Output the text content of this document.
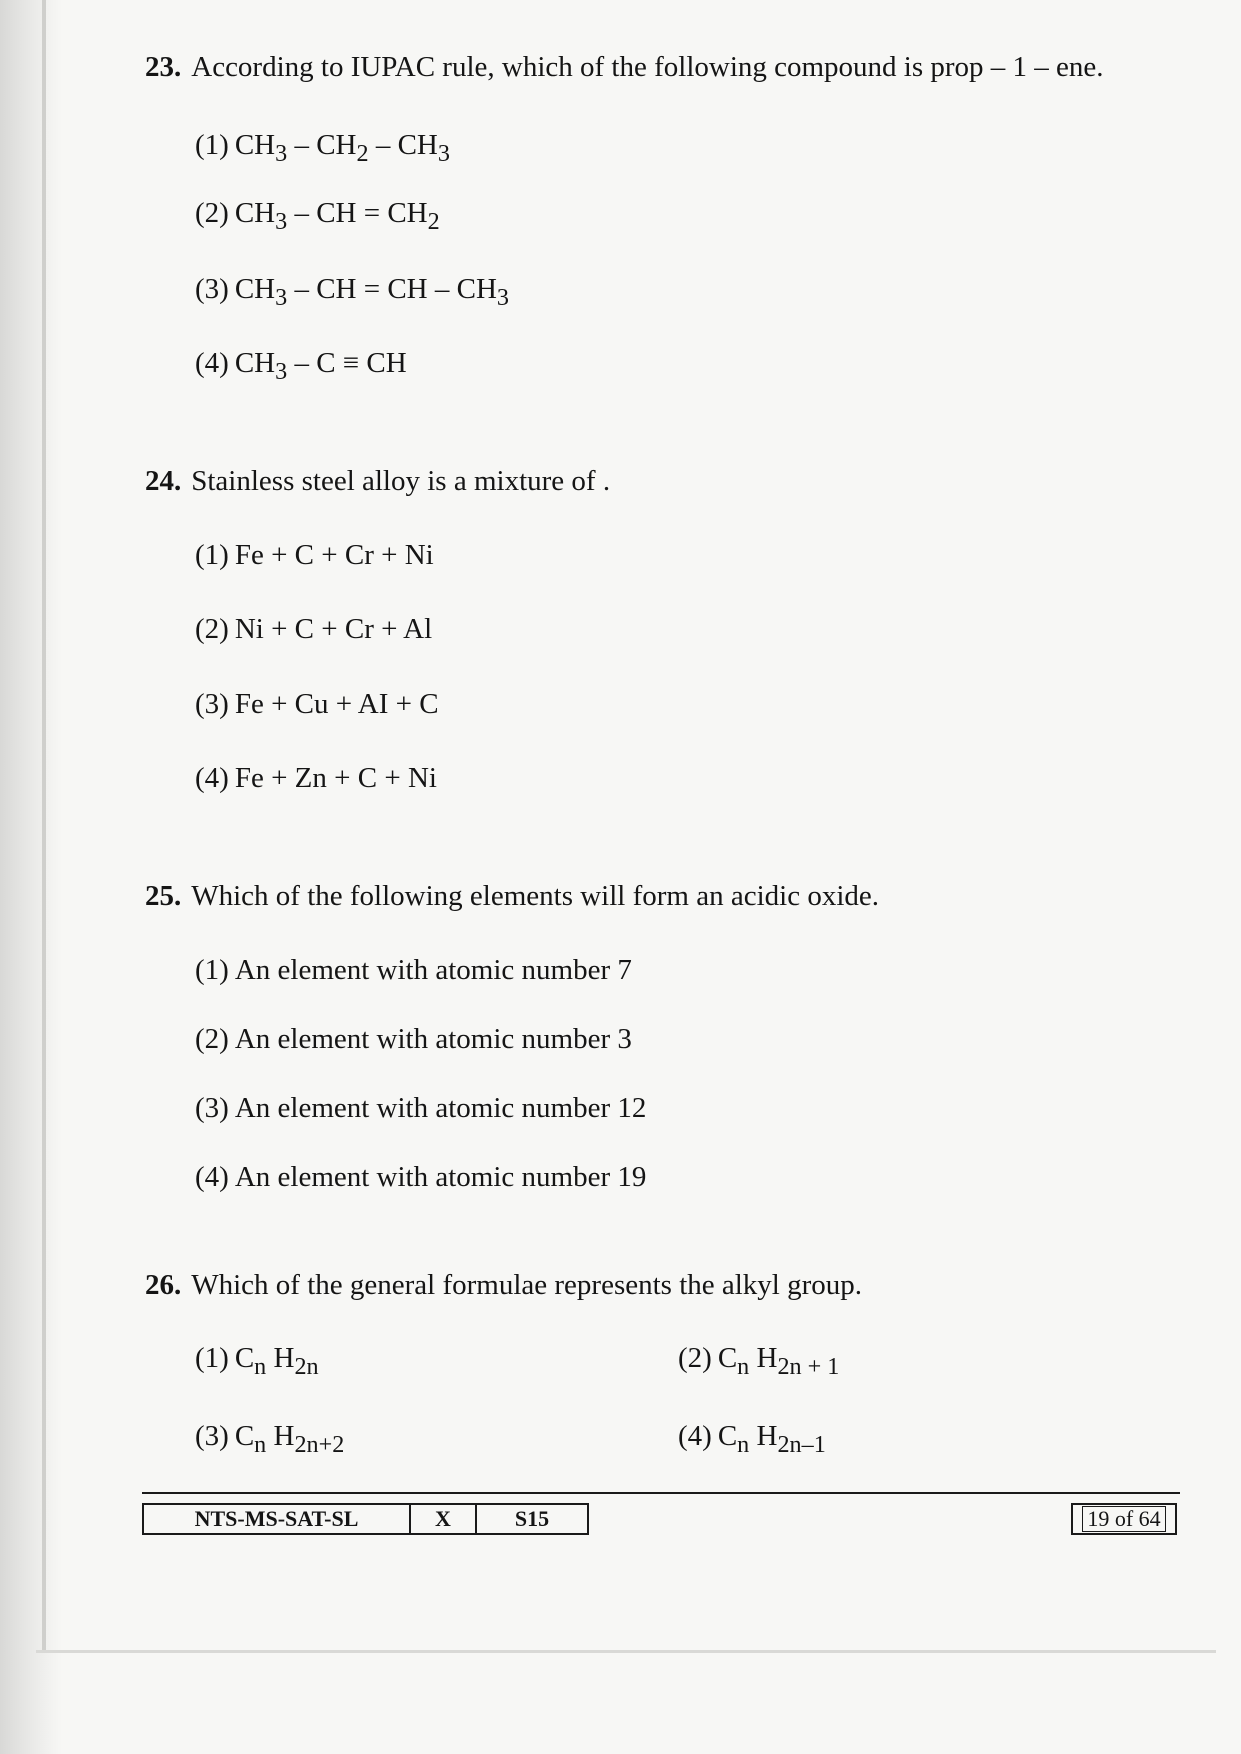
23. According to IUPAC rule, which of the following compound is prop – 1 – ene.
(1) $CH_3 - CH_2 - CH_3$
(2) $CH_3$ – CH = $CH_2$
(3) $CH_3$ – CH = CH – $CH_3$
(4) $CH_3$ – C ≡ CH
24. Stainless steel alloy is a mixture of .
(1) Fe + C + Cr + Ni
(2) Ni + C + Cr + Al
(3) Fe + Cu + AI + C
(4) Fe + Zn + C + Ni
25. Which of the following elements will form an acidic oxide.
(1) An element with atomic number 7
(2) An element with atomic number 3
(3) An element with atomic number 12
(4) An element with atomic number 19
26. Which of the general formulae represents the alkyl group.
(1) $C_n$ $H_{2n}$	(2) $C_n$ $H_{2n + 1}$
(3) $C_n$ $H_{2n+2}$	(4) $C_n$ $H_{2n-1}$
NTS-MS-SAT-SL	X	S15	19 of 64
